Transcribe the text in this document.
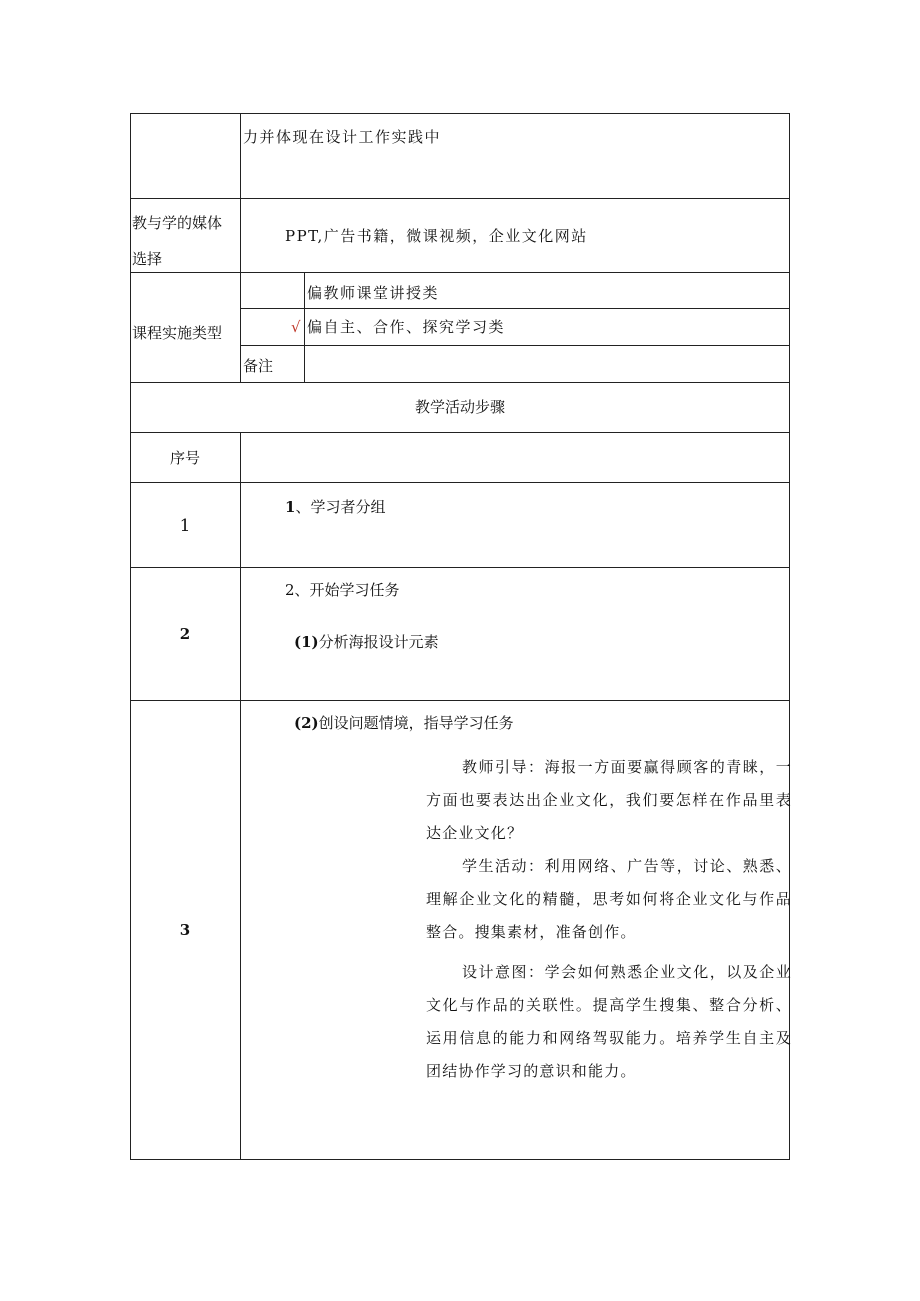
力并体现在设计工作实践中
教与学的媒体
选择
PPT,广告书籍，微课视频，企业文化网站
课程实施类型
偏教师课堂讲授类
√ 偏自主、合作、探究学习类
备注
教学活动步骤
序号
1
1、学习者分组
2
2、开始学习任务
(1)分析海报设计元素
3
(2)创设问题情境，指导学习任务
教师引导：海报一方面要赢得顾客的青睐，一方面也要表达出企业文化，我们要怎样在作品里表达企业文化？
学生活动：利用网络、广告等，讨论、熟悉、理解企业文化的精髓，思考如何将企业文化与作品整合。搜集素材，准备创作。
设计意图：学会如何熟悉企业文化，以及企业文化与作品的关联性。提高学生搜集、整合分析、运用信息的能力和网络驾驭能力。培养学生自主及团结协作学习的意识和能力。
